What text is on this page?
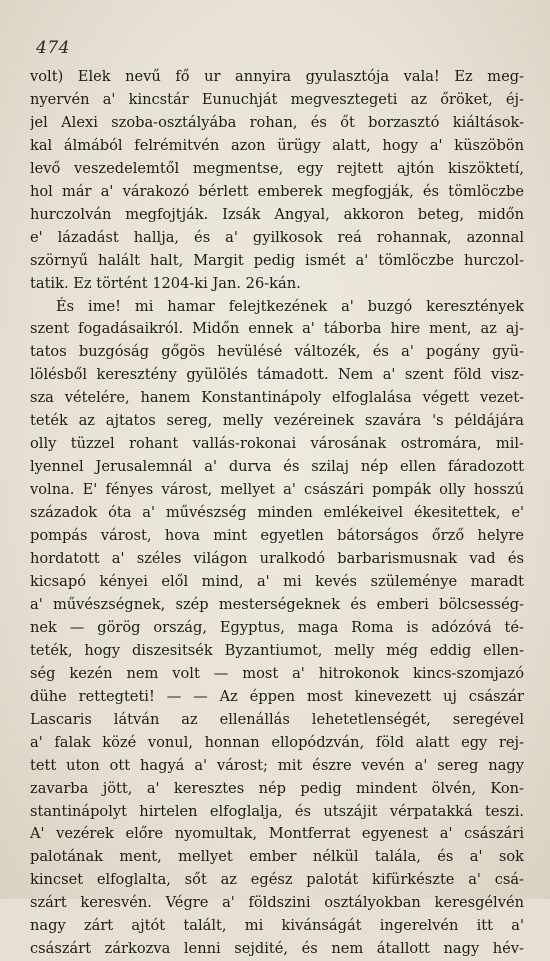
474
volt) Elek nevű fő ur annyira gyulasztója vala! Ez meg-
nyervén a' kincstár Eunuchját megvesztegeti az őröket, éj-
jel Alexi szoba-osztályába rohan, és őt borzasztó kiáltások-
kal álmából felrémitvén azon ürügy alatt, hogy a' küszöbön
levő veszedelemtől megmentse, egy rejtett ajtón kiszöktetí,
hol már a' várakozó bérlett emberek megfogják, és tömlöczbe
hurczolván megfojtják. Izsák Angyal, akkoron beteg, midőn
e' lázadást hallja, és a' gyilkosok reá rohannak, azonnal
szörnyű halált halt, Margit pedig ismét a' tömlöczbe hurczol-
tatik. Ez történt 1204-ki Jan. 26-kán.
És ime! mi hamar felejtkezének a' buzgó keresztények
szent fogadásaikról. Midőn ennek a' táborba hire ment, az aj-
tatos buzgóság gőgös hevülésé változék, és a' pogány gyü-
lölésből keresztény gyülölés támadott. Nem a' szent föld visz-
sza vételére, hanem Konstantinápoly elfoglalása végett vezet-
teték az ajtatos sereg, melly vezéreinek szavára 's példájára
olly tüzzel rohant vallás-rokonai városának ostromára, mil-
lyennel Jerusalemnál a' durva és szilaj nép ellen fáradozott
volna. E' fényes várost, mellyet a' császári pompák olly hosszú
századok óta a' művészség minden emlékeivel ékesitettek, e'
pompás várost, hova mint egyetlen bátorságos őrző helyre
hordatott a' széles világon uralkodó barbarismusnak vad és
kicsapó kényei elől mind, a' mi kevés szüleménye maradt
a' művészségnek, szép mesterségeknek és emberi bölcsesség-
nek — görög ország, Egyptus, maga Roma is adózóvá té-
teték, hogy diszesitsék Byzantiumot, melly még eddig ellen-
ség kezén nem volt — most a' hitrokonok kincs-szomjazó
dühe rettegteti! — — Az éppen most kinevezett uj császár
Lascaris látván az ellenállás lehetetlenségét, seregével
a' falak közé vonul, honnan ellopódzván, föld alatt egy rej-
tett uton ott hagyá a' várost; mit észre vevén a' sereg nagy
zavarba jött, a' keresztes nép pedig mindent ölvén, Kon-
stantinápolyt hirtelen elfoglalja, és utszájit vérpatakká teszi.
A' vezérek előre nyomultak, Montferrat egyenest a' császári
palotának ment, mellyet ember nélkül talála, és a' sok
kincset elfoglalta, sőt az egész palotát kifürkészte a' csá-
szárt keresvén. Végre a' földszini osztályokban keresgélvén
nagy zárt ajtót talált, mi kivánságát ingerelvén itt a'
császárt zárkozva lenni sejdité, és nem átallott nagy hév-
